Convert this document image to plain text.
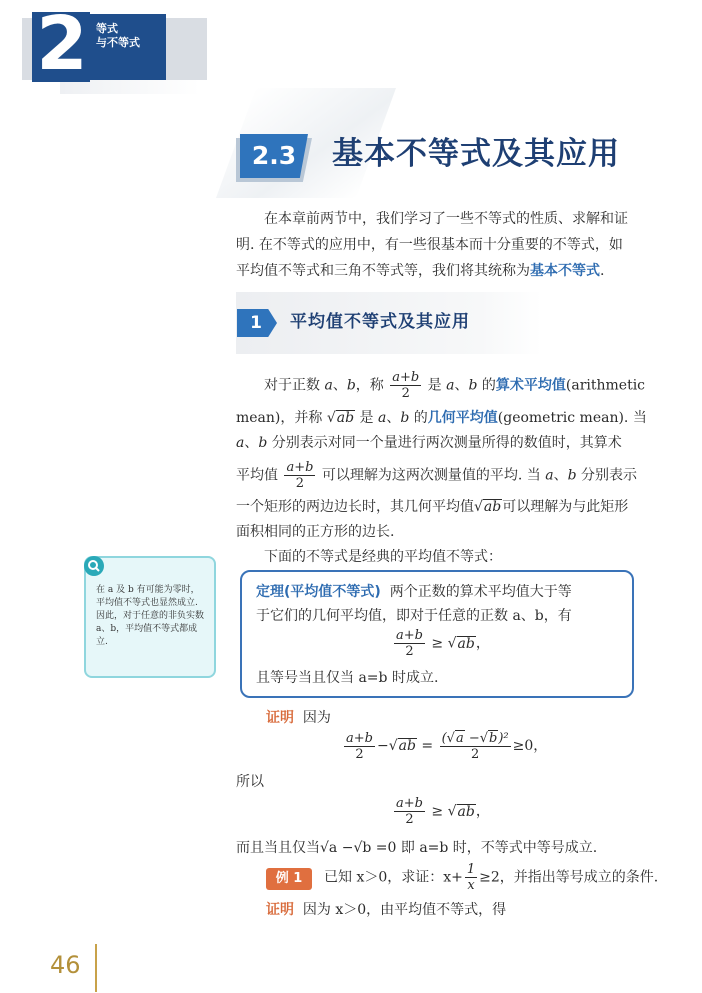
2 等式
与不等式
2.3 基本不等式及其应用
在本章前两节中，我们学习了一些不等式的性质、求解和证
明. 在不等式的应用中，有一些很基本而十分重要的不等式，如
平均值不等式和三角不等式等，我们将其统称为基本不等式.
1	平均值不等式及其应用
对于正数 a、b，称 $\frac{a+b}{2}$ 是 a、b 的算术平均值(arithmetic
mean)，并称 √ab 是 a、b 的几何平均值(geometric mean). 当
a、b 分别表示对同一个量进行两次测量所得的数值时，其算术
平均值 $\frac{a+b}{2}$ 可以理解为这两次测量值的平均. 当 a、b 分别表示
一个矩形的两边边长时，其几何平均值√ab可以理解为与此矩形
面积相同的正方形的边长.
下面的不等式是经典的平均值不等式：
在 a 及 b 有可能为零时，平均值不等式也显然成立. 因此，对于任意的非负实数 a、b，平均值不等式都成立.
定理(平均值不等式) 两个正数的算术平均值大于等
于它们的几何平均值，即对于任意的正数 a、b，有
$\frac{a+b}{2} \ge √ab$，
且等号当且仅当 a=b 时成立.
证明 因为
$\frac{a+b}{2} -√ab = \frac{\text{(√a −√b)²}}{2} \ge 0$，
所以
$\frac{a+b}{2} \ge √ab$，
而且当且仅当√a −√b =0 即 a=b 时，不等式中等号成立.
例 1	已知 x＞0，求证：$x+ \frac{1}{x} \ge 2$，并指出等号成立的条件.
证明 因为 x＞0，由平均值不等式，得
46
